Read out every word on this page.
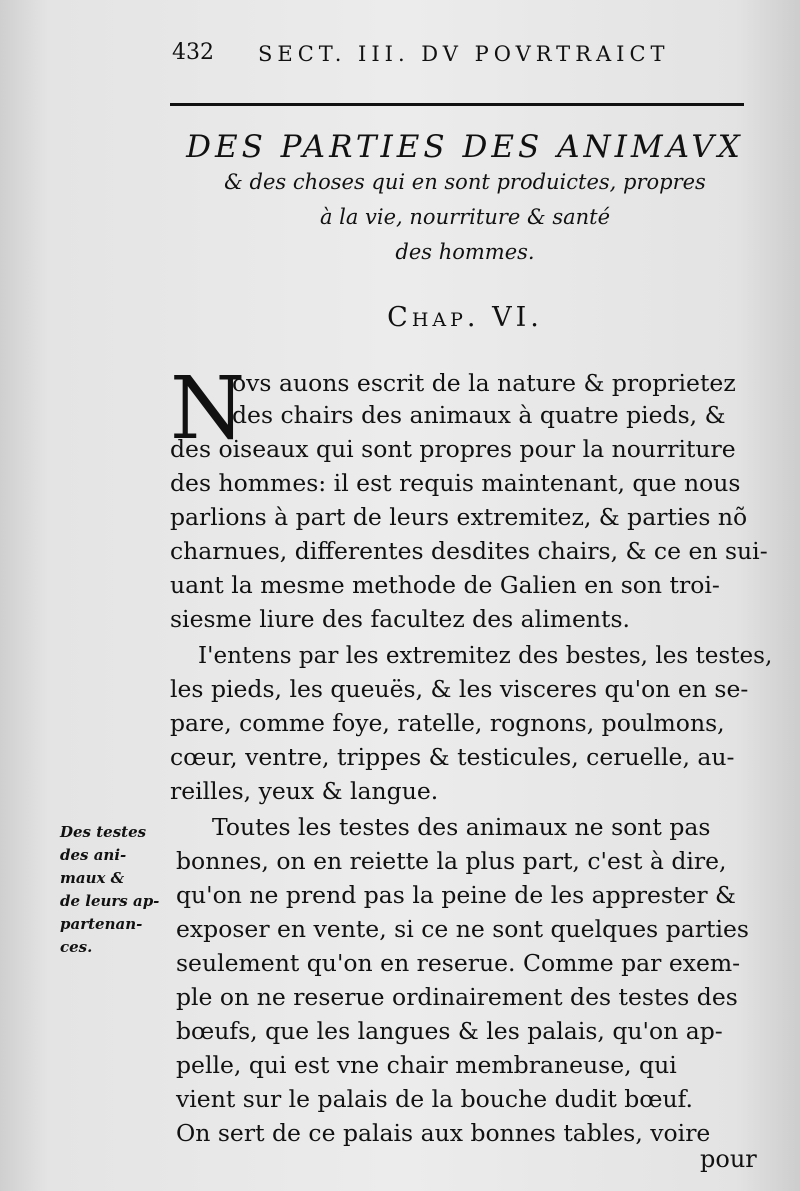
432 SECT. III. DV POVRTRAICT
DES PARTIES DES ANIMAVX
& des choses qui en sont produictes, propres
à la vie, nourriture & santé
des hommes.
Chap. VI.
N
ovs auons escrit de la nature & proprietez
des chairs des animaux à quatre pieds, &
des oiseaux qui sont propres pour la nourriture
des hommes: il est requis maintenant, que nous
parlions à part de leurs extremitez, & parties nõ
charnues, differentes desdites chairs, & ce en sui-
uant la mesme methode de Galien en son troi-
siesme liure des facultez des aliments.
I'entens par les extremitez des bestes, les testes,
les pieds, les queuës, & les visceres qu'on en se-
pare, comme foye, ratelle, rognons, poulmons,
cœur, ventre, trippes & testicules, ceruelle, au-
reilles, yeux & langue.
Toutes les testes des animaux ne sont pas
bonnes, on en reiette la plus part, c'est à dire,
qu'on ne prend pas la peine de les apprester &
exposer en vente, si ce ne sont quelques parties
seulement qu'on en reserue. Comme par exem-
ple on ne reserue ordinairement des testes des
bœufs, que les langues & les palais, qu'on ap-
pelle, qui est vne chair membraneuse, qui
vient sur le palais de la bouche dudit bœuf.
On sert de ce palais aux bonnes tables, voire
pour
Des testes
des ani-
maux &
de leurs ap-
partenan-
ces.
